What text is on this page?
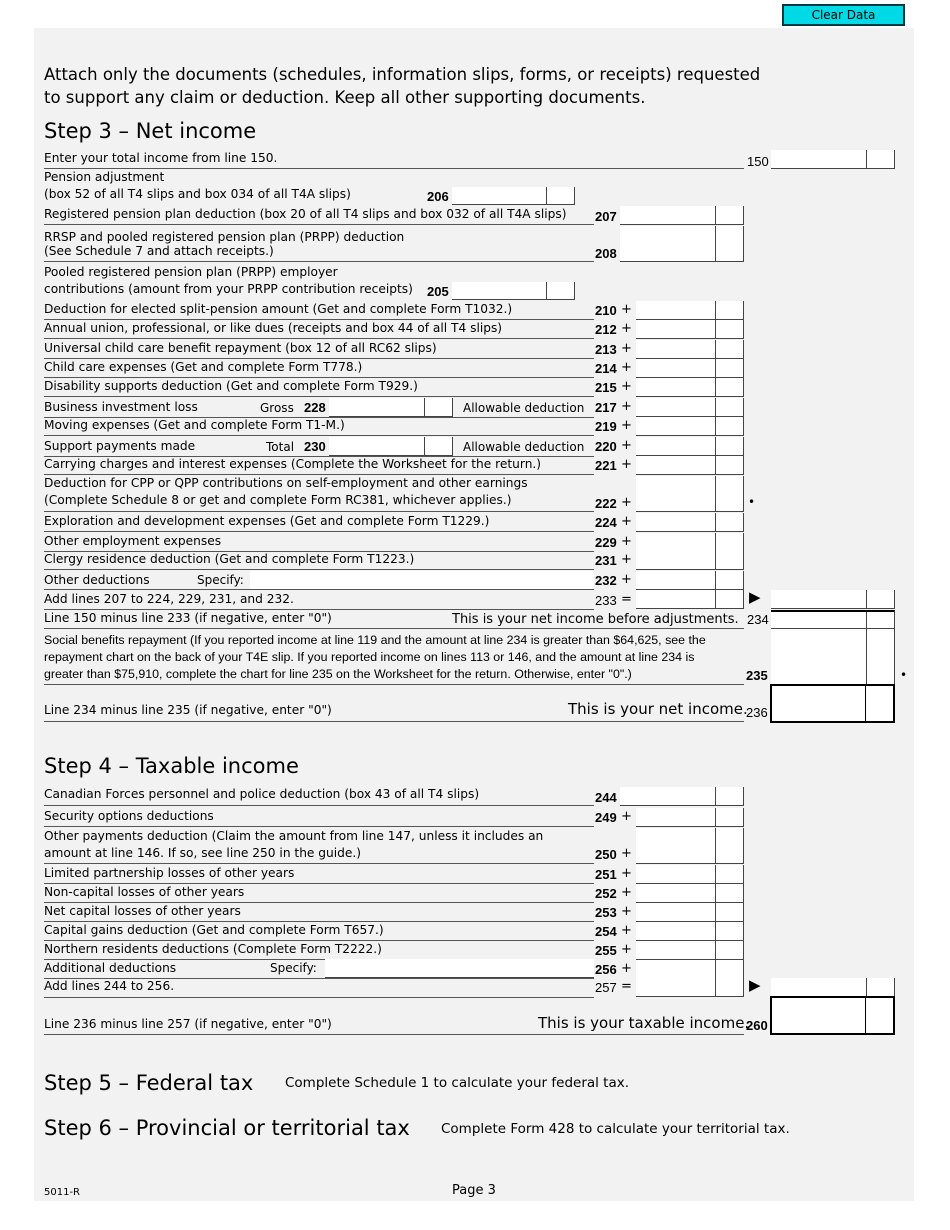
Clear Data
Attach only the documents (schedules, information slips, forms, or receipts) requested
to support any claim or deduction. Keep all other supporting documents.
Step 3 – Net income
Enter your total income from line 150.	150
Pension adjustment
(box 52 of all T4 slips and box 034 of all T4A slips)	206
Registered pension plan deduction (box 20 of all T4 slips and box 032 of all T4A slips) 207
RRSP and pooled registered pension plan (PRPP) deduction
(See Schedule 7 and attach receipts.)	208
Pooled registered pension plan (PRPP) employer
contributions (amount from your PRPP contribution receipts) 205
Deduction for elected split-pension amount (Get and complete Form T1032.)	210 +
Annual union, professional, or like dues (receipts and box 44 of all T4 slips)	212 +
Universal child care benefit repayment (box 12 of all RC62 slips)	213 +
Child care expenses (Get and complete Form T778.)	214 +
Disability supports deduction (Get and complete Form T929.)	215 +
Business investment loss	Gross 228	Allowable deduction 217 +
Moving expenses (Get and complete Form T1-M.)	219 +
Support payments made	Total 230	Allowable deduction 220 +
Carrying charges and interest expenses (Complete the Worksheet for the return.)	221 +
Deduction for CPP or QPP contributions on self-employment and other earnings
(Complete Schedule 8 or get and complete Form RC381, whichever applies.)	222 +	•
Exploration and development expenses (Get and complete Form T1229.)	224 +
Other employment expenses	229 +
Clergy residence deduction (Get and complete Form T1223.)	231 +
Other deductions	Specify:	232 +
Add lines 207 to 224, 229, 231, and 232.	233 =	▶
Line 150 minus line 233 (if negative, enter "0")	This is your net income before adjustments. 234
Social benefits repayment (If you reported income at line 119 and the amount at line 234 is greater than $64,625, see the
repayment chart on the back of your T4E slip. If you reported income on lines 113 or 146, and the amount at line 234 is
greater than $75,910, complete the chart for line 235 on the Worksheet for the return. Otherwise, enter "0".)	235	•
Line 234 minus line 235 (if negative, enter "0")	This is your net income.
236
Step 4 – Taxable income
Canadian Forces personnel and police deduction (box 43 of all T4 slips)	244
Security options deductions	249 +
Other payments deduction (Claim the amount from line 147, unless it includes an
amount at line 146. If so, see line 250 in the guide.)	250 +
Limited partnership losses of other years	251 +
Non-capital losses of other years	252 +
Net capital losses of other years	253 +
Capital gains deduction (Get and complete Form T657.)	254 +
Northern residents deductions (Complete Form T2222.)	255 +
Additional deductions	Specify:	256 +
Add lines 244 to 256.	257 =	▶
Line 236 minus line 257 (if negative, enter "0")	This is your taxable income.
260
Step 5 – Federal tax Complete Schedule 1 to calculate your federal tax.
Step 6 – Provincial or territorial tax Complete Form 428 to calculate your territorial tax.
5011-R	Page 3
